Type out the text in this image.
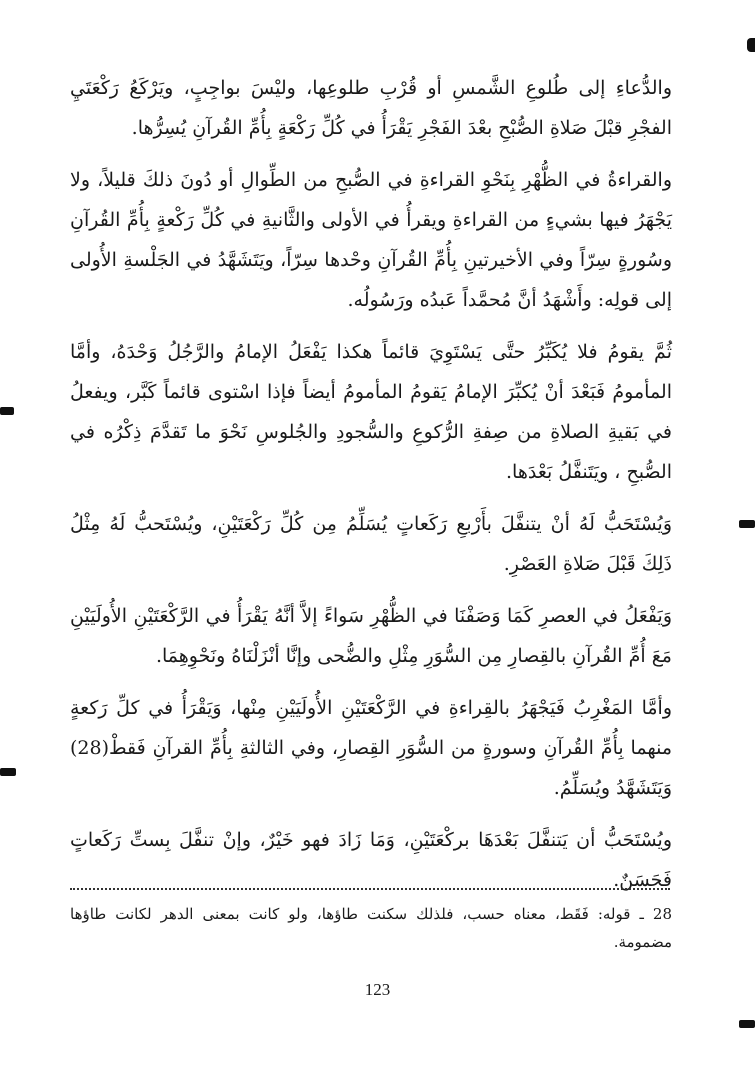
والدُّعاءِ إلى طُلوعِ الشَّمسِ أو قُرْبِ طلوعِها، وليْسَ بواجِبٍ، ويَرْكَعُ رَكْعَتَيِ الفجْرِ قبْلَ صَلاةِ الصُّبْحِ بعْدَ الفَجْرِ يَقْرَأُ في كُلِّ رَكْعَةٍ بِأُمِّ القُرآنِ يُسِرُّها.

والقراءةُ في الظُّهْرِ بِنَحْوِ القراءةِ في الصُّبحِ من الطِّوالِ أو دُونَ ذلكَ قليلاً، ولا يَجْهَرُ فيها بشيءٍ من القراءةِ ويقرأُ في الأولى والثَّانيةِ في كُلِّ رَكْعةٍ بِأُمِّ القُرآنِ وسُورةٍ سِرّاً وفي الأخيرتينِ بِأُمِّ القُرآنِ وحْدها سِرّاً، ويَتَشَهَّدُ في الجَلْسةِ الأُولى إلى قولِه: وأَشْهَدُ أنَّ مُحمَّداً عَبدُه ورَسُولُه.

ثُمَّ يقومُ فلا يُكَبِّرُ حتَّى يَسْتَوِيَ قائماً هكذا يَفْعَلُ الإمامُ والرَّجُلُ وَحْدَهُ، وأمَّا المأمومُ فَبَعْدَ أنْ يُكبِّرَ الإمامُ يَقومُ المأمومُ أيضاً فإذا اسْتوى قائماً كَبَّر، ويفعلُ في بَقيةِ الصلاةِ من صِفةِ الرُّكوعِ والسُّجودِ والجُلوسِ نَحْوَ ما تَقدَّمَ ذِكْرُه في الصُّبحِ ، ويَتَنفَّلُ بَعْدَها.

وَيُسْتَحَبُّ لَهُ أنْ يتنفَّلَ بأَرْبعِ رَكَعاتٍ يُسَلِّمُ مِن كُلِّ رَكْعَتَيْنِ، ويُسْتَحبُّ لَهُ مِثْلُ ذَلِكَ قَبْلَ صَلاةِ العَصْرِ.

وَيَفْعَلُ في العصرِ كَمَا وَصَفْنَا في الظُّهْرِ سَواءً إلاَّ أنَّهُ يَقْرَأُ في الرَّكْعَتَيْنِ الأُولَيَيْنِ مَعَ أُمِّ القُرآنِ بالقِصارِ مِن السُّوَرِ مِثْلِ والضُّحى وإنَّا أنْزَلْنَاهُ ونَحْوِهِمَا.

وأمَّا المَغْرِبُ فَيَجْهَرُ بالقِراءةِ في الرَّكْعَتَيْنِ الأُولَيَيْنِ مِنْها، وَيَقْرَأُ في كلِّ رَكعةٍ منهما بِأُمِّ القُرآنِ وسورةٍ من السُّوَرِ القِصارِ، وفي الثالثةِ بِأُمِّ القرآنِ فَقطْ(28) وَيَتَشَهَّدُ ويُسَلِّمُ.

ويُسْتَحَبُّ أن يَتنفَّلَ بَعْدَهَا بركْعَتَيْنِ، وَمَا زَادَ فهو خَيْرٌ، وإنْ تنفَّلَ بِستِّ رَكَعاتٍ فَحَسَنٌ.

28 ـ قوله: فَقَط، معناه حسب، فلذلك سكنت طاؤها، ولو كانت بمعنى الدهر لكانت طاؤها مضمومة.
123
